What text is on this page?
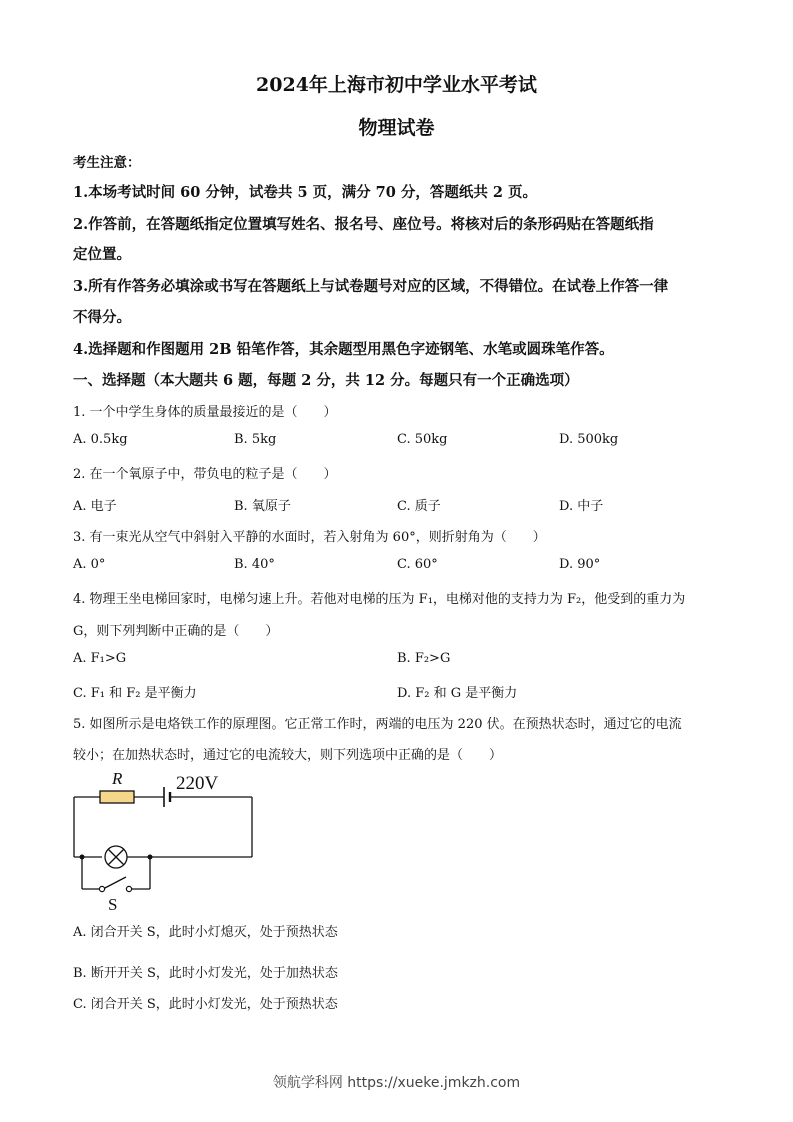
2024年上海市初中学业水平考试
物理试卷
考生注意：
1.本场考试时间 60 分钟，试卷共 5 页，满分 70 分，答题纸共 2 页。
2.作答前，在答题纸指定位置填写姓名、报名号、座位号。将核对后的条形码贴在答题纸指
定位置。
3.所有作答务必填涂或书写在答题纸上与试卷题号对应的区域，不得错位。在试卷上作答一律
不得分。
4.选择题和作图题用 2B 铅笔作答，其余题型用黑色字迹钢笔、水笔或圆珠笔作答。
一、选择题（本大题共 6 题，每题 2 分，共 12 分。每题只有一个正确选项）
1. 一个中学生身体的质量最接近的是（　　）
A. 0.5kg	B. 5kg	C. 50kg	D. 500kg
2. 在一个氧原子中，带负电的粒子是（　　）
A. 电子	B. 氧原子	C. 质子	D. 中子
3. 有一束光从空气中斜射入平静的水面时，若入射角为 60°，则折射角为（　　）
A. 0°	B. 40°	C. 60°	D. 90°
4. 物理王坐电梯回家时，电梯匀速上升。若他对电梯的压为 F₁，电梯对他的支持力为 F₂，他受到的重力为
G，则下列判断中正确的是（　　）
A. F₁>G	B. F₂>G
C. F₁ 和 F₂ 是平衡力	D. F₂ 和 G 是平衡力
5. 如图所示是电烙铁工作的原理图。它正常工作时，两端的电压为 220 伏。在预热状态时，通过它的电流
较小；在加热状态时，通过它的电流较大，则下列选项中正确的是（　　）
R	220V
S
A. 闭合开关 S，此时小灯熄灭，处于预热状态
B. 断开开关 S，此时小灯发光，处于加热状态
C. 闭合开关 S，此时小灯发光，处于预热状态
领航学科网 https://xueke.jmkzh.com
